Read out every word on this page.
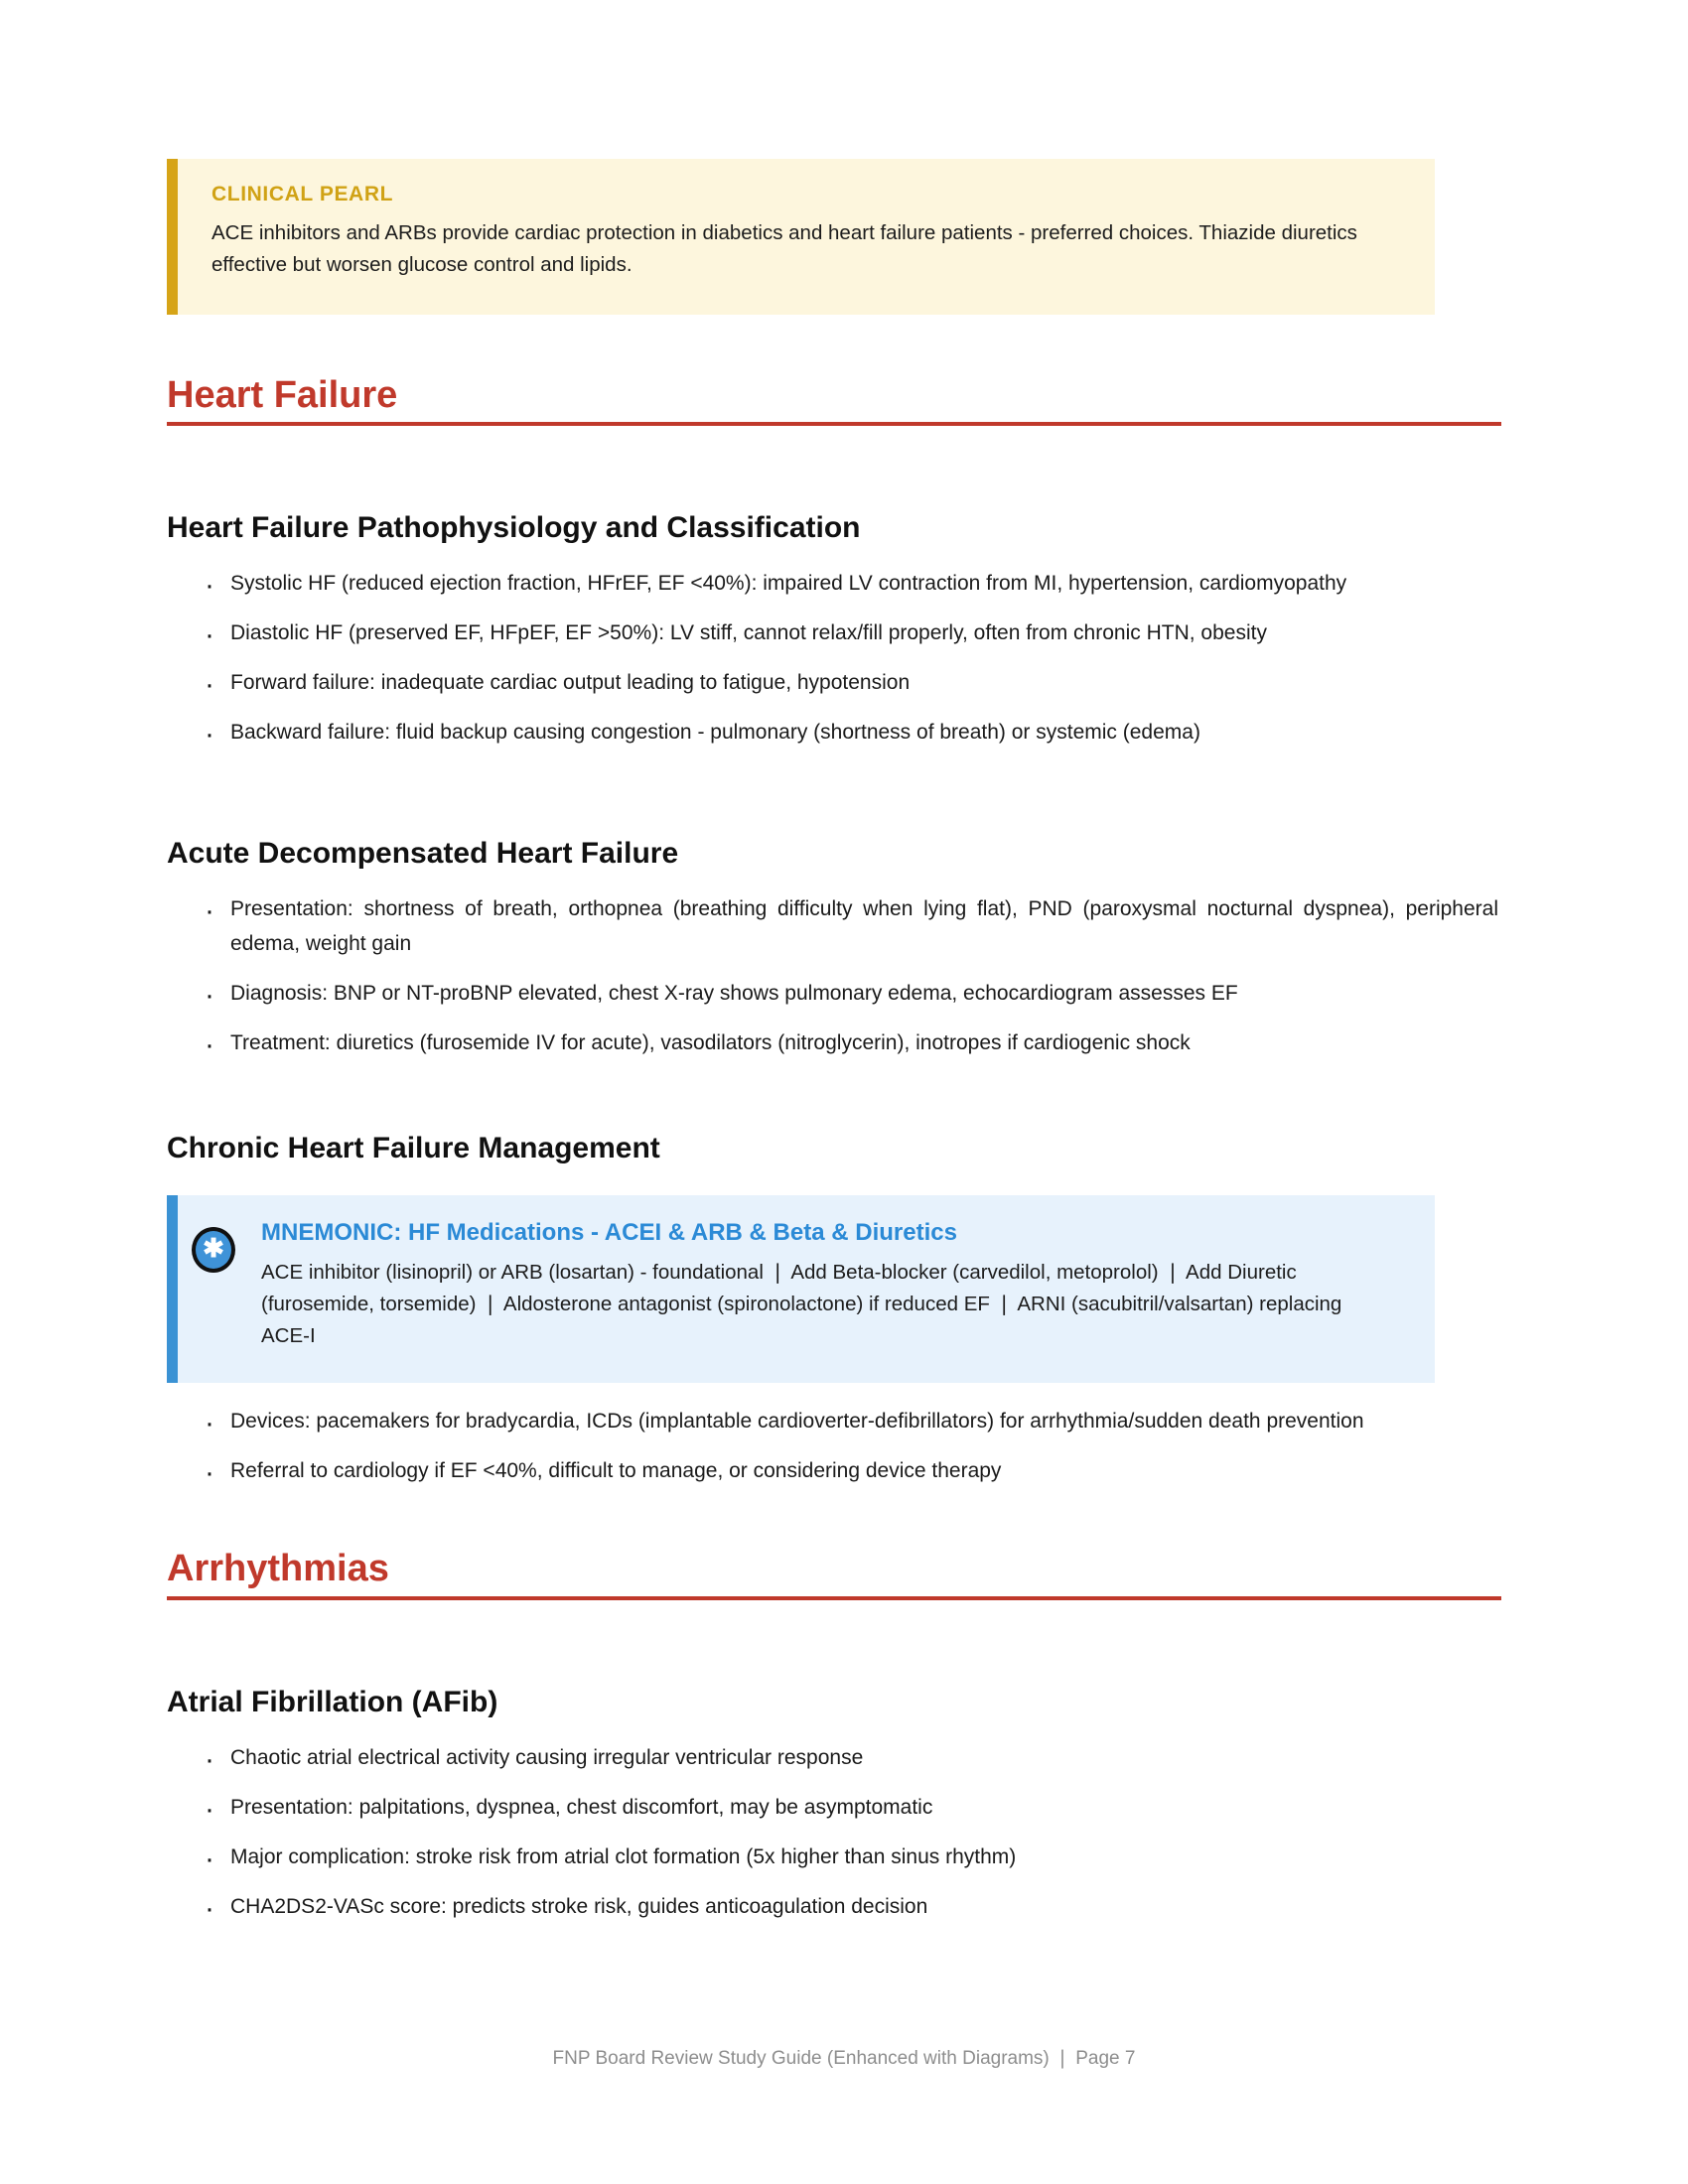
CLINICAL PEARL

ACE inhibitors and ARBs provide cardiac protection in diabetics and heart failure patients - preferred choices. Thiazide diuretics effective but worsen glucose control and lipids.

Heart Failure
Heart Failure Pathophysiology and Classification
· Systolic HF (reduced ejection fraction, HFrEF, EF <40%): impaired LV contraction from MI, hypertension, cardiomyopathy
· Diastolic HF (preserved EF, HFpEF, EF >50%): LV stiff, cannot relax/fill properly, often from chronic HTN, obesity
· Forward failure: inadequate cardiac output leading to fatigue, hypotension
· Backward failure: fluid backup causing congestion - pulmonary (shortness of breath) or systemic (edema)
Acute Decompensated Heart Failure
· Presentation: shortness of breath, orthopnea (breathing difficulty when lying flat), PND (paroxysmal nocturnal dyspnea), peripheral edema, weight gain
· Diagnosis: BNP or NT-proBNP elevated, chest X-ray shows pulmonary edema, echocardiogram assesses EF
· Treatment: diuretics (furosemide IV for acute), vasodilators (nitroglycerin), inotropes if cardiogenic shock
Chronic Heart Failure Management
✱
MNEMONIC: HF Medications - ACEI & ARB & Beta & Diuretics

ACE inhibitor (lisinopril) or ARB (losartan) - foundational ❘ Add Beta-blocker (carvedilol, metoprolol) ❘ Add Diuretic (furosemide, torsemide) ❘ Aldosterone antagonist (spironolactone) if reduced EF ❘ ARNI (sacubitril/valsartan) replacing ACE-I

· Devices: pacemakers for bradycardia, ICDs (implantable cardioverter-defibrillators) for arrhythmia/sudden death prevention
· Referral to cardiology if EF <40%, difficult to manage, or considering device therapy
Arrhythmias
Atrial Fibrillation (AFib)
· Chaotic atrial electrical activity causing irregular ventricular response
· Presentation: palpitations, dyspnea, chest discomfort, may be asymptomatic
· Major complication: stroke risk from atrial clot formation (5x higher than sinus rhythm)
· CHA2DS2-VASc score: predicts stroke risk, guides anticoagulation decision
FNP Board Review Study Guide (Enhanced with Diagrams) ❘ Page 7
